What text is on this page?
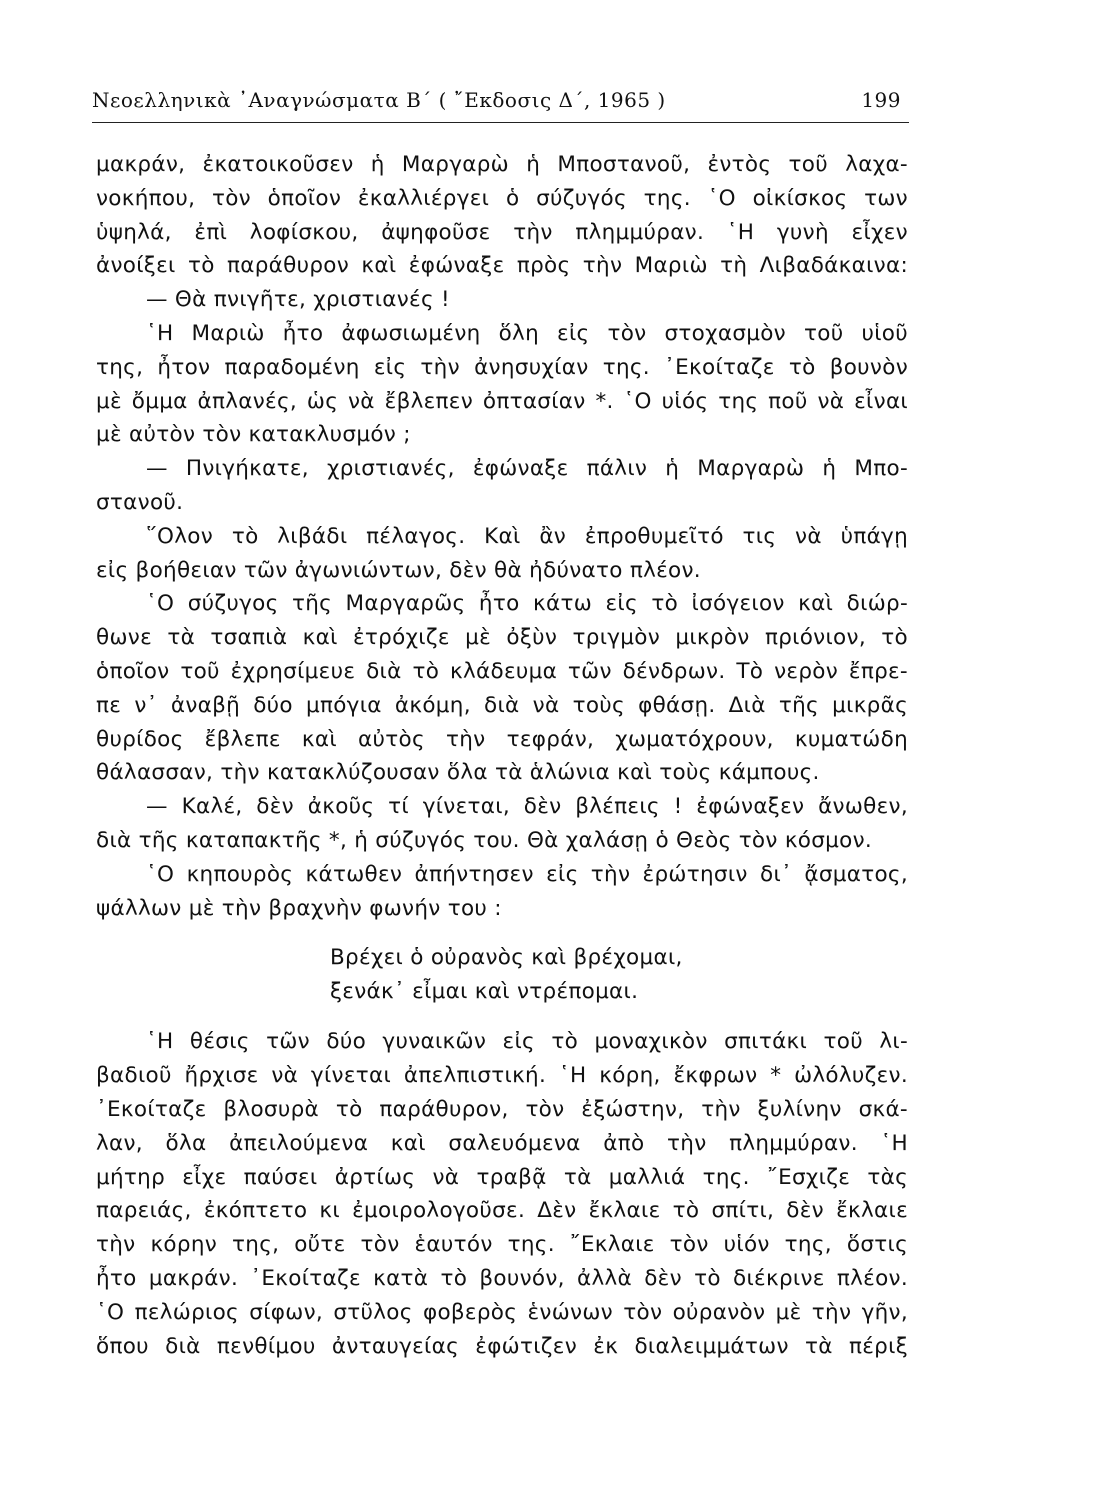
Νεοελληνικὰ ᾿Αναγνώσματα Β΄ ( ῎Εκδοσις Δ΄, 1965 )	199
μακράν, ἐκατοικοῦσεν ἡ Μαργαρὼ ἡ Μποστανοῦ, ἐντὸς τοῦ λαχα-
νοκήπου, τὸν ὁποῖον ἐκαλλιέργει ὁ σύζυγός της. ῾Ο οἰκίσκος των
ὑψηλά, ἐπὶ λοφίσκου, ἀψηφοῦσε τὴν πλημμύραν. ῾Η γυνὴ εἶχεν
ἀνοίξει τὸ παράθυρον καὶ ἐφώναξε πρὸς τὴν Μαριὼ τὴ Λιβαδάκαινα:
— Θὰ πνιγῆτε, χριστιανές !
῾Η Μαριὼ ἦτο ἀφωσιωμένη ὅλη εἰς τὸν στοχασμὸν τοῦ υἱοῦ
της, ἦτον παραδομένη εἰς τὴν ἀνησυχίαν της. ᾿Εκοίταζε τὸ βουνὸν
μὲ ὄμμα ἀπλανές, ὡς νὰ ἔβλεπεν ὀπτασίαν *. ῾Ο υἱός της ποῦ νὰ εἶναι
μὲ αὐτὸν τὸν κατακλυσμόν ;
— Πνιγήκατε, χριστιανές, ἐφώναξε πάλιν ἡ Μαργαρὼ ἡ Μπο-
στανοῦ.
῞Ολον τὸ λιβάδι πέλαγος. Καὶ ἂν ἐπροθυμεῖτό τις νὰ ὑπάγῃ
εἰς βοήθειαν τῶν ἀγωνιώντων, δὲν θὰ ἠδύνατο πλέον.
῾Ο σύζυγος τῆς Μαργαρῶς ἦτο κάτω εἰς τὸ ἰσόγειον καὶ διώρ-
θωνε τὰ τσαπιὰ καὶ ἐτρόχιζε μὲ ὀξὺν τριγμὸν μικρὸν πριόνιον, τὸ
ὁποῖον τοῦ ἐχρησίμευε διὰ τὸ κλάδευμα τῶν δένδρων. Τὸ νερὸν ἔπρε-
πε ν᾿ ἀναβῇ δύο μπόγια ἀκόμη, διὰ νὰ τοὺς φθάσῃ. Διὰ τῆς μικρᾶς
θυρίδος ἔβλεπε καὶ αὐτὸς τὴν τεφράν, χωματόχρουν, κυματώδη
θάλασσαν, τὴν κατακλύζουσαν ὅλα τὰ ἁλώνια καὶ τοὺς κάμπους.
— Καλέ, δὲν ἀκοῦς τί γίνεται, δὲν βλέπεις ! ἐφώναξεν ἄνωθεν,
διὰ τῆς καταπακτῆς *, ἡ σύζυγός του. Θὰ χαλάσῃ ὁ Θεὸς τὸν κόσμον.
῾Ο κηπουρὸς κάτωθεν ἀπήντησεν εἰς τὴν ἐρώτησιν δι᾿ ᾄσματος,
ψάλλων μὲ τὴν βραχνὴν φωνήν του :
Βρέχει ὁ οὐρανὸς καὶ βρέχομαι,
ξενάκ᾿ εἶμαι καὶ ντρέπομαι.
῾Η θέσις τῶν δύο γυναικῶν εἰς τὸ μοναχικὸν σπιτάκι τοῦ λι-
βαδιοῦ ἤρχισε νὰ γίνεται ἀπελπιστική. ῾Η κόρη, ἔκφρων * ὠλόλυζεν.
᾿Εκοίταζε βλοσυρὰ τὸ παράθυρον, τὸν ἐξώστην, τὴν ξυλίνην σκά-
λαν, ὅλα ἀπειλούμενα καὶ σαλευόμενα ἀπὸ τὴν πλημμύραν. ῾Η
μήτηρ εἶχε παύσει ἀρτίως νὰ τραβᾷ τὰ μαλλιά της. ῎Εσχιζε τὰς
παρειάς, ἐκόπτετο κι ἐμοιρολογοῦσε. Δὲν ἔκλαιε τὸ σπίτι, δὲν ἔκλαιε
τὴν κόρην της, οὔτε τὸν ἑαυτόν της. ῎Εκλαιε τὸν υἱόν της, ὅστις
ἦτο μακράν. ᾿Εκοίταζε κατὰ τὸ βουνόν, ἀλλὰ δὲν τὸ διέκρινε πλέον.
῾Ο πελώριος σίφων, στῦλος φοβερὸς ἑνώνων τὸν οὐρανὸν μὲ τὴν γῆν,
ὅπου διὰ πενθίμου ἀνταυγείας ἐφώτιζεν ἐκ διαλειμμάτων τὰ πέριξ
